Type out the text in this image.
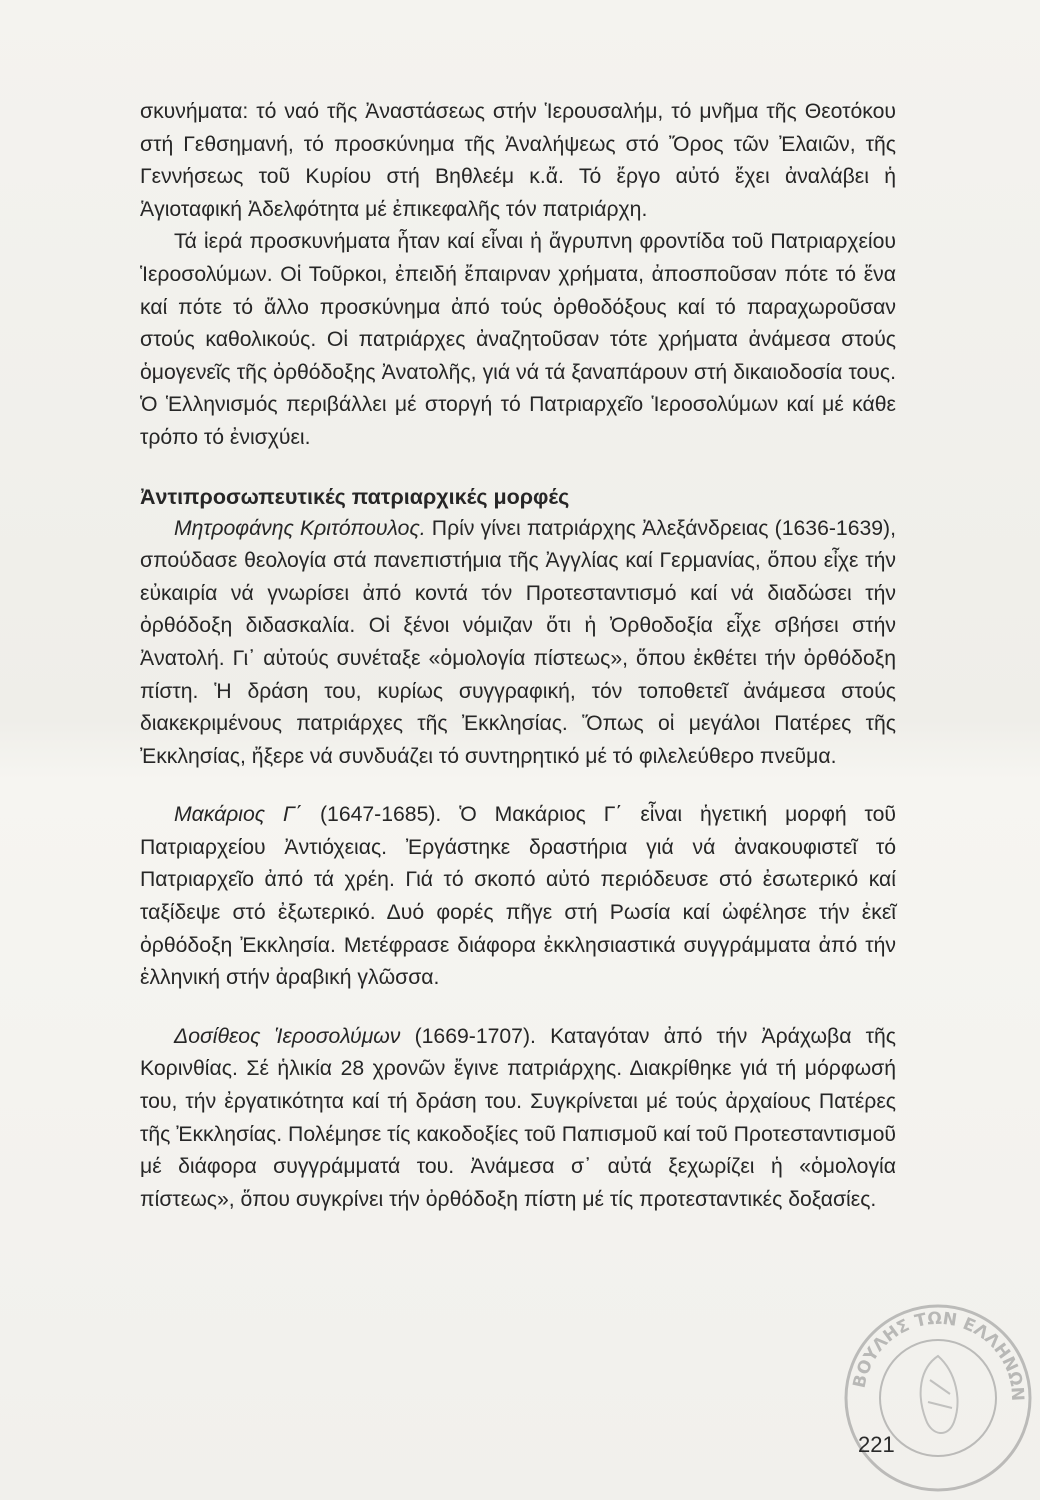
σκυνήματα: τό ναό τῆς Ἀναστάσεως στήν Ἱερουσαλήμ, τό μνῆμα τῆς Θεοτόκου στή Γεθσημανή, τό προσκύνημα τῆς Ἀναλήψεως στό Ὄρος τῶν Ἐλαιῶν, τῆς Γεννήσεως τοῦ Κυρίου στή Βηθλεέμ κ.ἄ. Τό ἔργο αὐτό ἔχει ἀναλάβει ἡ Ἁγιοταφική Ἀδελφότητα μέ ἐπικεφαλῆς τόν πατριάρχη.

Τά ἱερά προσκυνήματα ἦταν καί εἶναι ἡ ἄγρυπνη φροντίδα τοῦ Πατριαρχείου Ἱεροσολύμων. Οἱ Τοῦρκοι, ἐπειδή ἔπαιρναν χρήματα, ἀποσποῦσαν πότε τό ἕνα καί πότε τό ἄλλο προσκύνημα ἀπό τούς ὀρθοδόξους καί τό παραχωροῦσαν στούς καθολικούς. Οἱ πατριάρχες ἀναζητοῦσαν τότε χρήματα ἀνάμεσα στούς ὁμογενεῖς τῆς ὀρθόδοξης Ἀνατολῆς, γιά νά τά ξαναπάρουν στή δικαιοδοσία τους. Ὁ Ἑλληνισμός περιβάλλει μέ στοργή τό Πατριαρχεῖο Ἱεροσολύμων καί μέ κάθε τρόπο τό ἐνισχύει.

Ἀντιπροσωπευτικές πατριαρχικές μορφές

Μητροφάνης Κριτόπουλος. Πρίν γίνει πατριάρχης Ἀλεξάνδρειας (1636-1639), σπούδασε θεολογία στά πανεπιστήμια τῆς Ἀγγλίας καί Γερμανίας, ὅπου εἶχε τήν εὐκαιρία νά γνωρίσει ἀπό κοντά τόν Προτεσταντισμό καί νά διαδώσει τήν ὀρθόδοξη διδασκαλία. Οἱ ξένοι νόμιζαν ὅτι ἡ Ὀρθοδοξία εἶχε σβήσει στήν Ἀνατολή. Γι᾽ αὐτούς συνέταξε «ὁμολογία πίστεως», ὅπου ἐκθέτει τήν ὀρθόδοξη πίστη. Ἡ δράση του, κυρίως συγγραφική, τόν τοποθετεῖ ἀνάμεσα στούς διακεκριμένους πατριάρχες τῆς Ἐκκλησίας. Ὅπως οἱ μεγάλοι Πατέρες τῆς Ἐκκλησίας, ἤξερε νά συνδυάζει τό συντηρητικό μέ τό φιλελεύθερο πνεῦμα.

Μακάριος Γ΄ (1647-1685). Ὁ Μακάριος Γ΄ εἶναι ἡγετική μορφή τοῦ Πατριαρχείου Ἀντιόχειας. Ἐργάστηκε δραστήρια γιά νά ἀνακουφιστεῖ τό Πατριαρχεῖο ἀπό τά χρέη. Γιά τό σκοπό αὐτό περιόδευσε στό ἐσωτερικό καί ταξίδεψε στό ἐξωτερικό. Δυό φορές πῆγε στή Ρωσία καί ὠφέλησε τήν ἐκεῖ ὀρθόδοξη Ἐκκλησία. Μετέφρασε διάφορα ἐκκλησιαστικά συγγράμματα ἀπό τήν ἑλληνική στήν ἀραβική γλῶσσα.

Δοσίθεος Ἱεροσολύμων (1669-1707). Καταγόταν ἀπό τήν Ἀράχωβα τῆς Κορινθίας. Σέ ἡλικία 28 χρονῶν ἔγινε πατριάρχης. Διακρίθηκε γιά τή μόρφωσή του, τήν ἐργατικότητα καί τή δράση του. Συγκρίνεται μέ τούς ἀρχαίους Πατέρες τῆς Ἐκκλησίας. Πολέμησε τίς κακοδοξίες τοῦ Παπισμοῦ καί τοῦ Προτεσταντισμοῦ μέ διάφορα συγγράμματά του. Ἀνάμεσα σ᾽ αὐτά ξεχωρίζει ἡ «ὁμολογία πίστεως», ὅπου συγκρίνει τήν ὀρθόδοξη πίστη μέ τίς προτεσταντικές δοξασίες.

ΒΟΥΛΗΣ ΤΩΝ ΕΛΛΗΝΩΝ
221
